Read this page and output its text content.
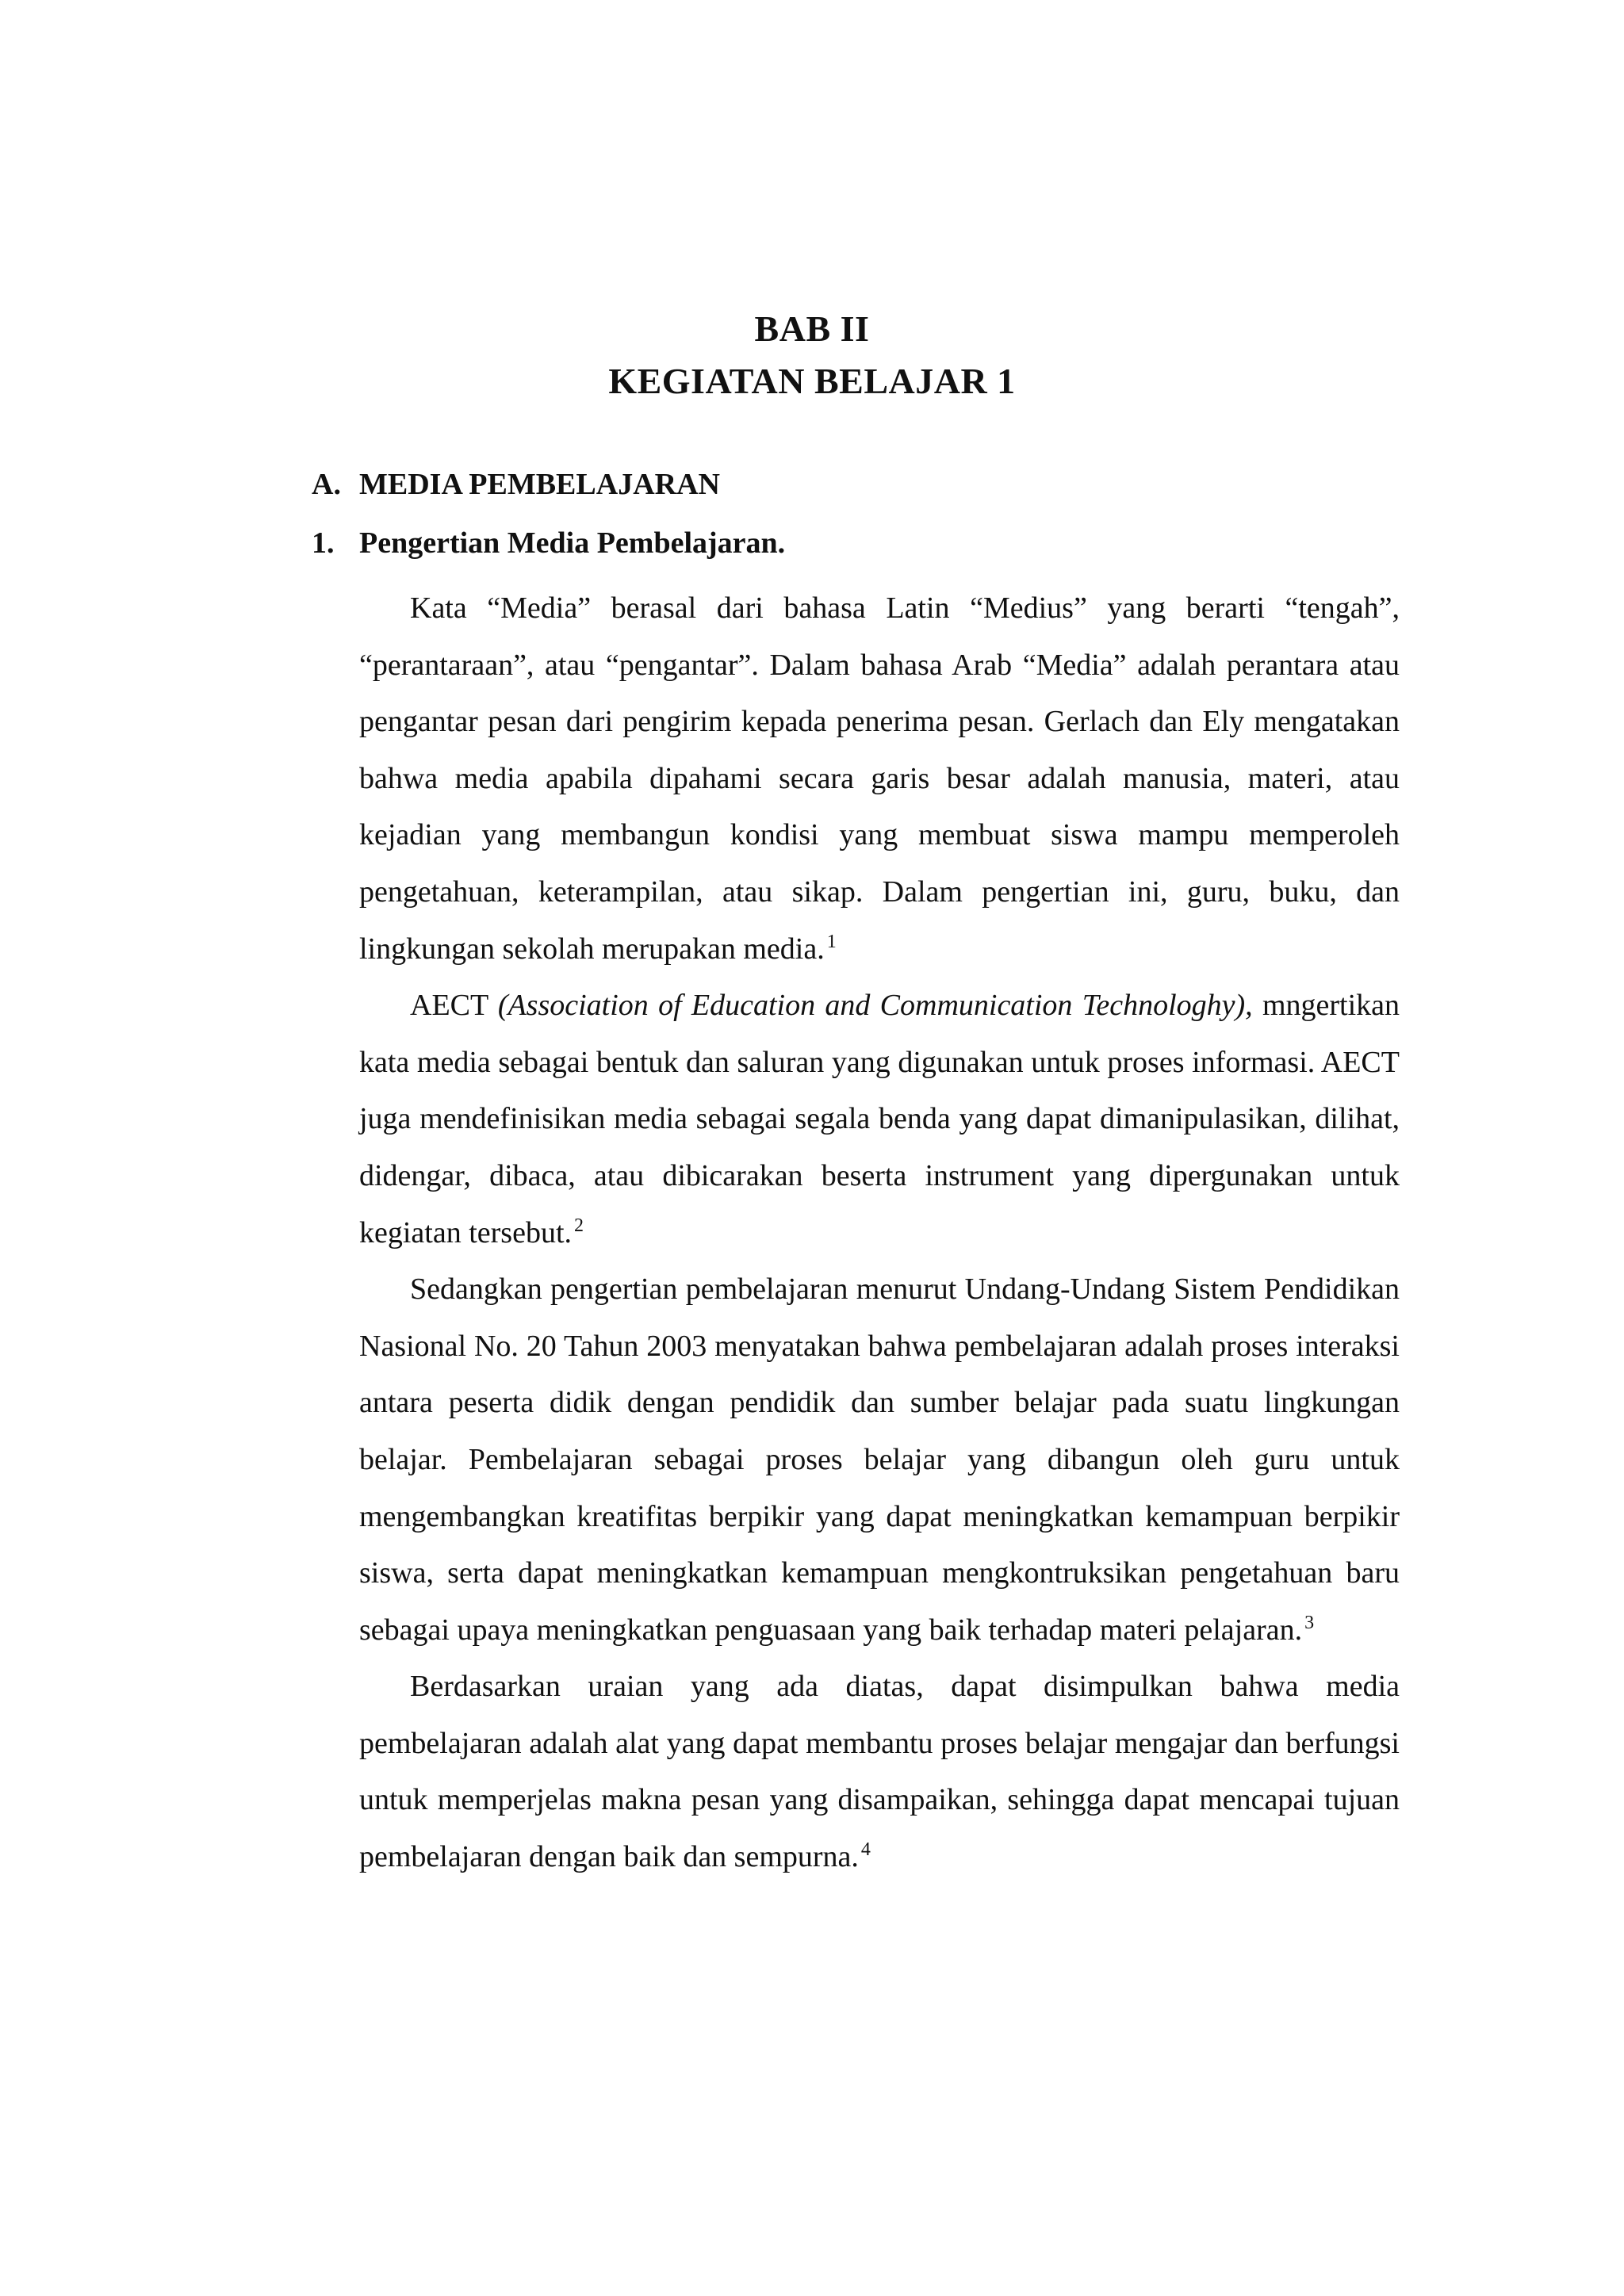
BAB II
KEGIATAN BELAJAR 1
A. MEDIA PEMBELAJARAN
1. Pengertian Media Pembelajaran.

Kata “Media” berasal dari bahasa Latin “Medius” yang berarti “tengah”, “perantaraan”, atau “pengantar”. Dalam bahasa Arab “Media” adalah perantara atau pengantar pesan dari pengirim kepada penerima pesan. Gerlach dan Ely mengatakan bahwa media apabila dipahami secara garis besar adalah manusia, materi, atau kejadian yang membangun kondisi yang membuat siswa mampu memperoleh pengetahuan, keterampilan, atau sikap. Dalam pengertian ini, guru, buku, dan lingkungan sekolah merupakan media. $^1$

AECT (Association of Education and Communication Technologhy), mngertikan kata media sebagai bentuk dan saluran yang digunakan untuk proses informasi. AECT juga mendefinisikan media sebagai segala benda yang dapat dimanipulasikan, dilihat, didengar, dibaca, atau dibicarakan beserta instrument yang dipergunakan untuk kegiatan tersebut. $^2$

Sedangkan pengertian pembelajaran menurut Undang-Undang Sistem Pendidikan Nasional No. 20 Tahun 2003 menyatakan bahwa pembelajaran adalah proses interaksi antara peserta didik dengan pendidik dan sumber belajar pada suatu lingkungan belajar. Pembelajaran sebagai proses belajar yang dibangun oleh guru untuk mengembangkan kreatifitas berpikir yang dapat meningkatkan kemampuan berpikir siswa, serta dapat meningkatkan kemampuan mengkontruksikan pengetahuan baru sebagai upaya meningkatkan penguasaan yang baik terhadap materi pelajaran. $^3$

Berdasarkan uraian yang ada diatas, dapat disimpulkan bahwa media pembelajaran adalah alat yang dapat membantu proses belajar mengajar dan berfungsi untuk memperjelas makna pesan yang disampaikan, sehingga dapat mencapai tujuan pembelajaran dengan baik dan sempurna. $^4$
